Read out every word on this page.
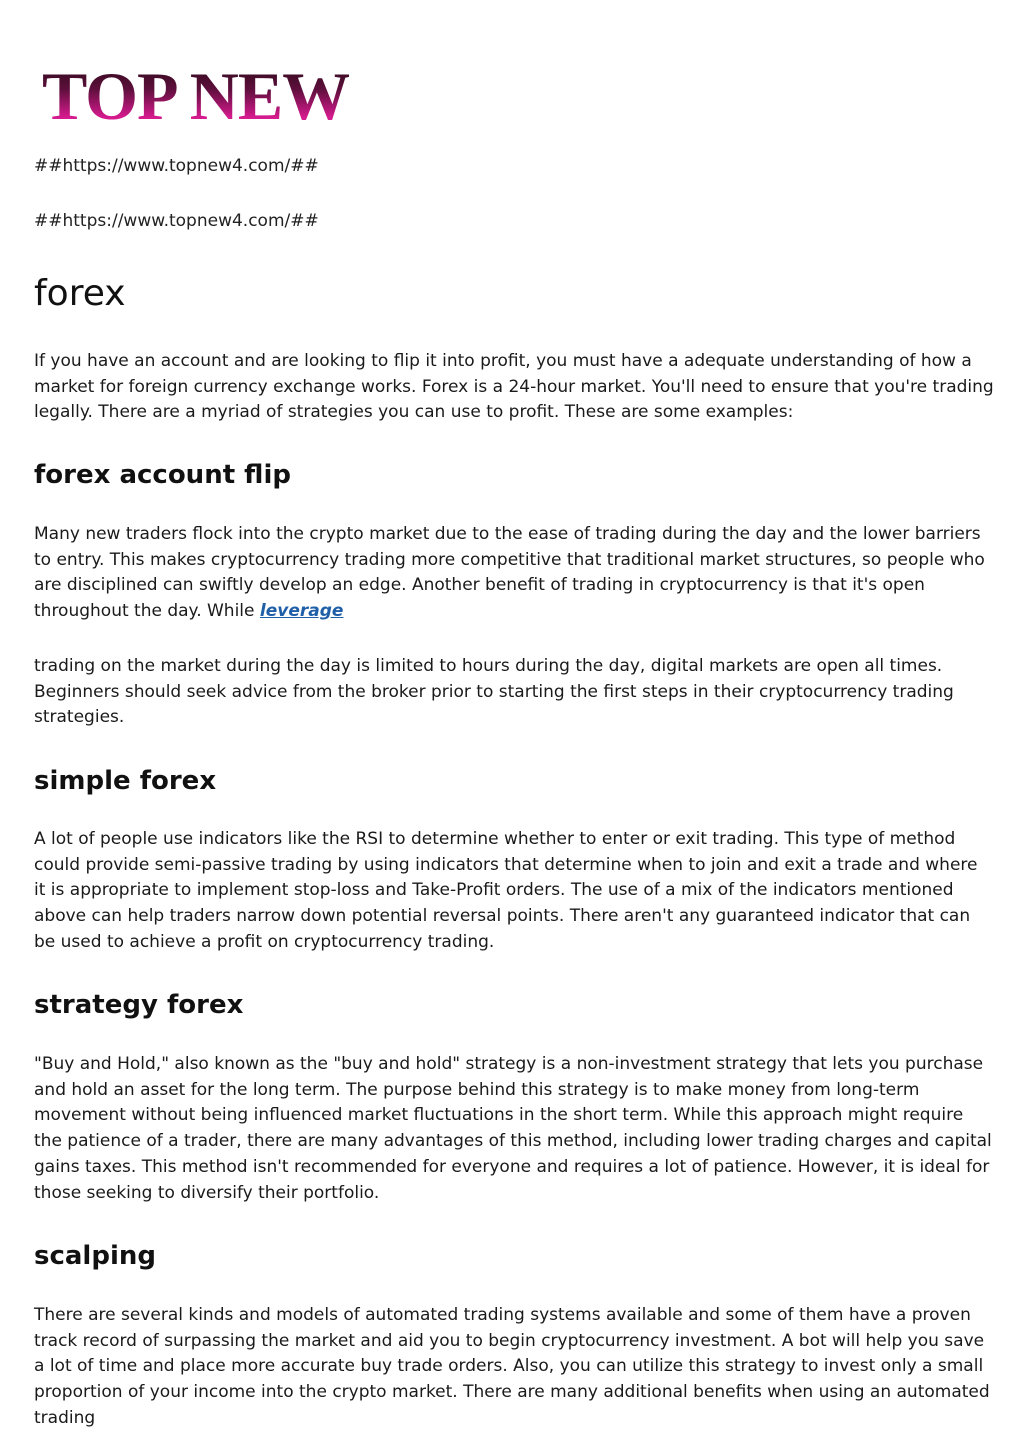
TOP NEW
##https://www.topnew4.com/##
##https://www.topnew4.com/##
forex

If you have an account and are looking to flip it into profit, you must have a adequate understanding of how a market for foreign currency exchange works. Forex is a 24-hour market. You'll need to ensure that you're trading legally. There are a myriad of strategies you can use to profit. These are some examples:

forex account flip

Many new traders flock into the crypto market due to the ease of trading during the day and the lower barriers to entry. This makes cryptocurrency trading more competitive that traditional market structures, so people who are disciplined can swiftly develop an edge. Another benefit of trading in cryptocurrency is that it's open throughout the day. While leverage

trading on the market during the day is limited to hours during the day, digital markets are open all times. Beginners should seek advice from the broker prior to starting the first steps in their cryptocurrency trading strategies.

simple forex

A lot of people use indicators like the RSI to determine whether to enter or exit trading. This type of method could provide semi-passive trading by using indicators that determine when to join and exit a trade and where it is appropriate to implement stop-loss and Take-Profit orders. The use of a mix of the indicators mentioned above can help traders narrow down potential reversal points. There aren't any guaranteed indicator that can be used to achieve a profit on cryptocurrency trading.

strategy forex

"Buy and Hold," also known as the "buy and hold" strategy is a non-investment strategy that lets you purchase and hold an asset for the long term. The purpose behind this strategy is to make money from long-term movement without being influenced market fluctuations in the short term. While this approach might require the patience of a trader, there are many advantages of this method, including lower trading charges and capital gains taxes. This method isn't recommended for everyone and requires a lot of patience. However, it is ideal for those seeking to diversify their portfolio.

scalping

There are several kinds and models of automated trading systems available and some of them have a proven track record of surpassing the market and aid you to begin cryptocurrency investment. A bot will help you save a lot of time and place more accurate buy trade orders. Also, you can utilize this strategy to invest only a small proportion of your income into the crypto market. There are many additional benefits when using an automated trading
